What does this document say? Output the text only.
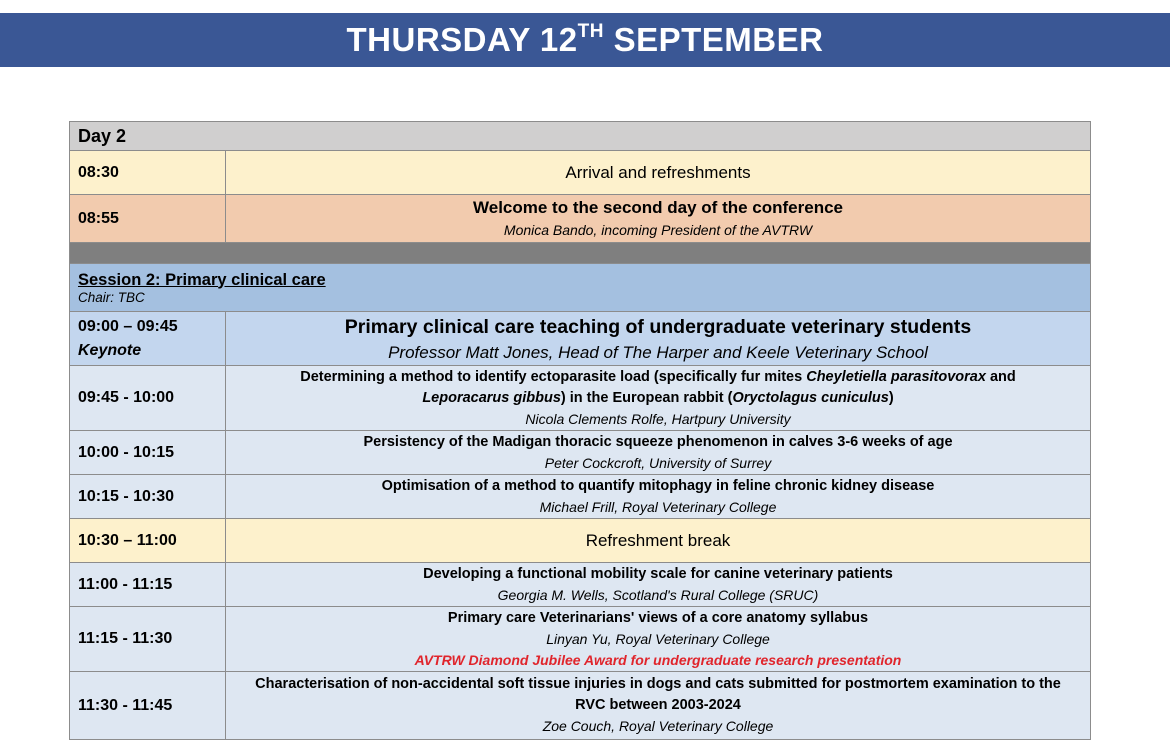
THURSDAY 12TH SEPTEMBER
Day 2	
08:30	Arrival and refreshments
08:55	Welcome to the second day of the conference
Monica Bando, incoming President of the AVTRW

Session 2: Primary clinical care
Chair: TBC	

09:00 – 09:45
Keynote	Primary clinical care teaching of undergraduate veterinary students
Professor Matt Jones, Head of The Harper and Keele Veterinary School

09:45 - 10:00	Determining a method to identify ectoparasite load (specifically fur mites Cheyletiella parasitovorax and
Leporacarus gibbus) in the European rabbit (Oryctolagus cuniculus)
Nicola Clements Rolfe, Hartpury University

10:00 - 10:15	Persistency of the Madigan thoracic squeeze phenomenon in calves 3-6 weeks of age
Peter Cockcroft, University of Surrey

10:15 - 10:30	Optimisation of a method to quantify mitophagy in feline chronic kidney disease
Michael Frill, Royal Veterinary College

10:30 – 11:00	Refreshment break
11:00 - 11:15	Developing a functional mobility scale for canine veterinary patients
Georgia M. Wells, Scotland's Rural College (SRUC)

11:15 - 11:30	Primary care Veterinarians' views of a core anatomy syllabus
Linyan Yu, Royal Veterinary College
AVTRW Diamond Jubilee Award for undergraduate research presentation

11:30 - 11:45	Characterisation of non-accidental soft tissue injuries in dogs and cats submitted for postmortem examination to the
RVC between 2003-2024
Zoe Couch, Royal Veterinary College
